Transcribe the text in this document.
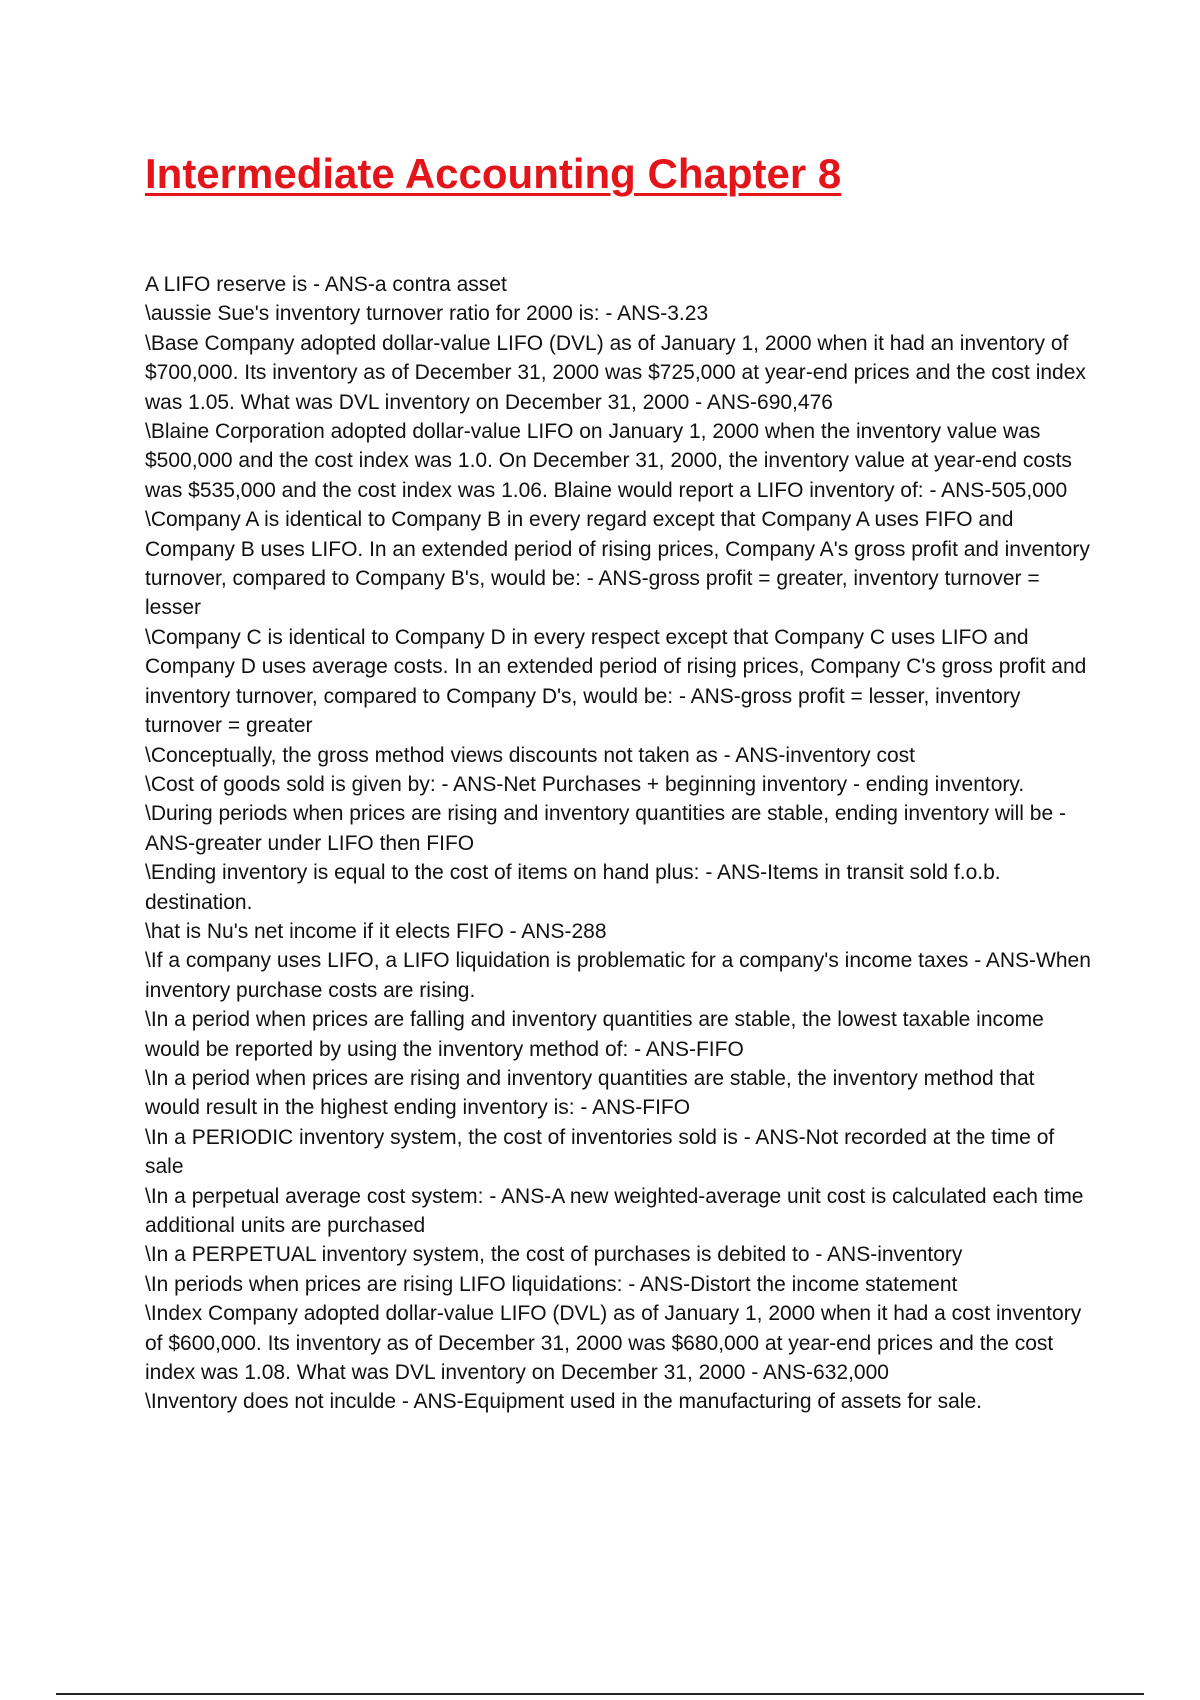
Intermediate Accounting Chapter 8
A LIFO reserve is - ANS-a contra asset
\aussie Sue's inventory turnover ratio for 2000 is: - ANS-3.23
\Base Company adopted dollar-value LIFO (DVL) as of January 1, 2000 when it had an inventory of $700,000. Its inventory as of December 31, 2000 was $725,000 at year-end prices and the cost index was 1.05. What was DVL inventory on December 31, 2000 - ANS-690,476
\Blaine Corporation adopted dollar-value LIFO on January 1, 2000 when the inventory value was $500,000 and the cost index was 1.0. On December 31, 2000, the inventory value at year-end costs was $535,000 and the cost index was 1.06. Blaine would report a LIFO inventory of: - ANS-505,000
\Company A is identical to Company B in every regard except that Company A uses FIFO and Company B uses LIFO. In an extended period of rising prices, Company A's gross profit and inventory turnover, compared to Company B's, would be: - ANS-gross profit = greater, inventory turnover = lesser
\Company C is identical to Company D in every respect except that Company C uses LIFO and Company D uses average costs. In an extended period of rising prices, Company C's gross profit and inventory turnover, compared to Company D's, would be: - ANS-gross profit = lesser, inventory turnover = greater
\Conceptually, the gross method views discounts not taken as - ANS-inventory cost
\Cost of goods sold is given by: - ANS-Net Purchases + beginning inventory - ending inventory.
\During periods when prices are rising and inventory quantities are stable, ending inventory will be - ANS-greater under LIFO then FIFO
\Ending inventory is equal to the cost of items on hand plus: - ANS-Items in transit sold f.o.b. destination.
\hat is Nu's net income if it elects FIFO - ANS-288
\If a company uses LIFO, a LIFO liquidation is problematic for a company's income taxes - ANS-When inventory purchase costs are rising.
\In a period when prices are falling and inventory quantities are stable, the lowest taxable income would be reported by using the inventory method of: - ANS-FIFO
\In a period when prices are rising and inventory quantities are stable, the inventory method that would result in the highest ending inventory is: - ANS-FIFO
\In a PERIODIC inventory system, the cost of inventories sold is - ANS-Not recorded at the time of sale
\In a perpetual average cost system: - ANS-A new weighted-average unit cost is calculated each time additional units are purchased
\In a PERPETUAL inventory system, the cost of purchases is debited to - ANS-inventory
\In periods when prices are rising LIFO liquidations: - ANS-Distort the income statement
\Index Company adopted dollar-value LIFO (DVL) as of January 1, 2000 when it had a cost inventory of $600,000. Its inventory as of December 31, 2000 was $680,000 at year-end prices and the cost index was 1.08. What was DVL inventory on December 31, 2000 - ANS-632,000
\Inventory does not inculde - ANS-Equipment used in the manufacturing of assets for sale.
